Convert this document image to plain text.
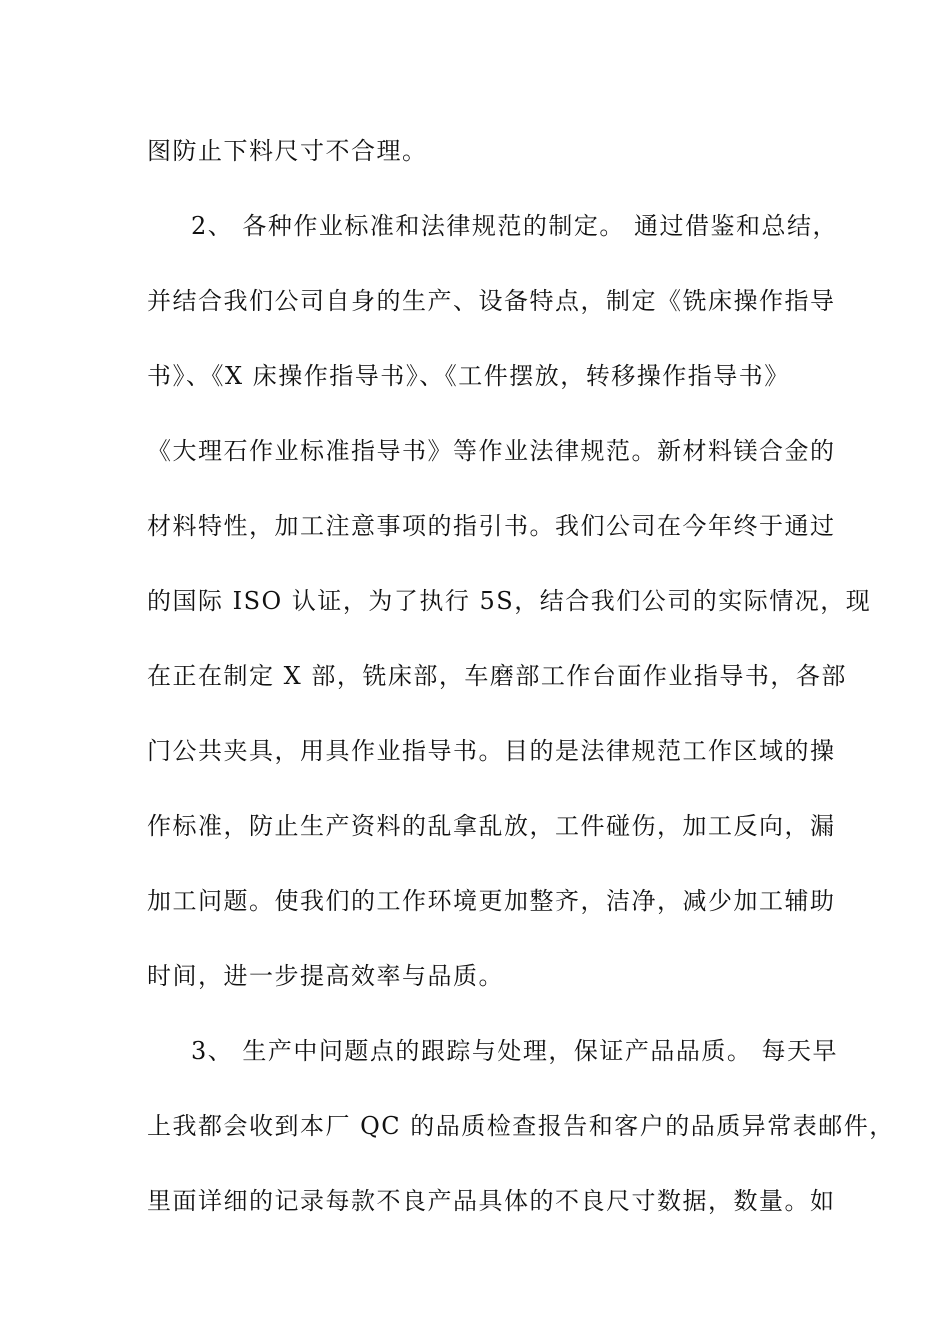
图防止下料尺寸不合理。
2、 各种作业标准和法律规范的制定。 通过借鉴和总结，
并结合我们公司自身的生产、设备特点，制定《铣床操作指导
书》、《X 床操作指导书》、《工件摆放，转移操作指导书》
《大理石作业标准指导书》等作业法律规范。新材料镁合金的
材料特性，加工注意事项的指引书。我们公司在今年终于通过
的国际 ISO 认证，为了执行 5S，结合我们公司的实际情况，现
在正在制定 X 部，铣床部，车磨部工作台面作业指导书，各部
门公共夹具，用具作业指导书。目的是法律规范工作区域的操
作标准，防止生产资料的乱拿乱放，工件碰伤，加工反向，漏
加工问题。使我们的工作环境更加整齐，洁净，减少加工辅助
时间，进一步提高效率与品质。
3、 生产中问题点的跟踪与处理，保证产品品质。 每天早
上我都会收到本厂 QC 的品质检查报告和客户的品质异常表邮件，
里面详细的记录每款不良产品具体的不良尺寸数据，数量。如
